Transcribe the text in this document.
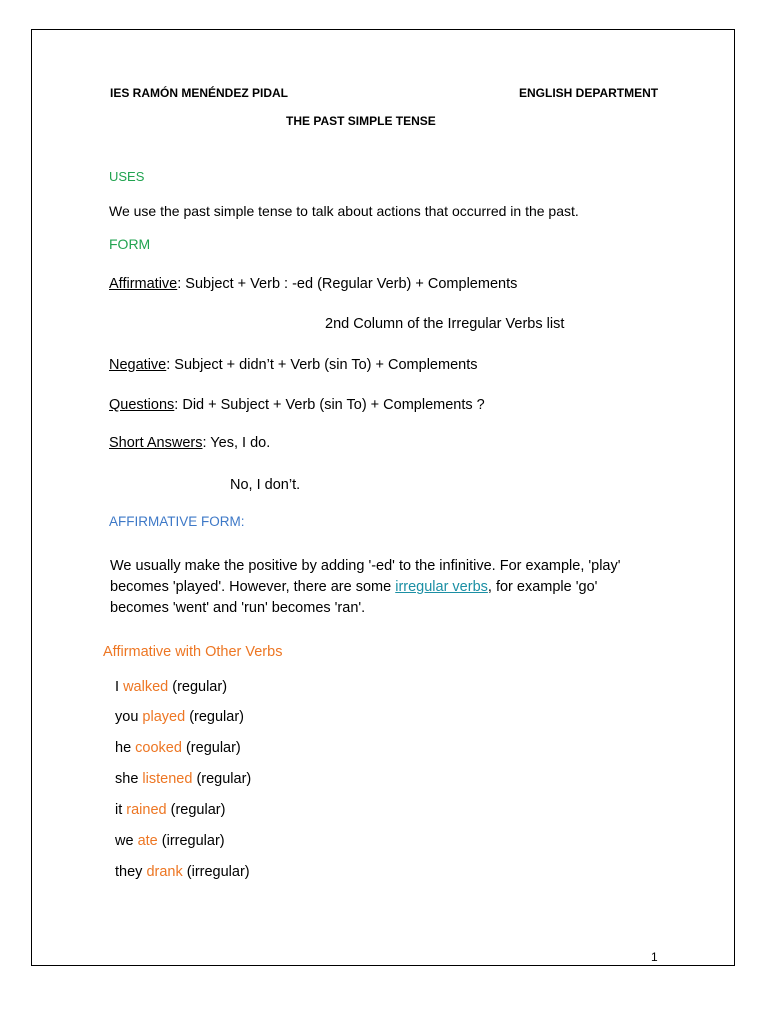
IES RAMÓN MENÉNDEZ PIDAL	ENGLISH DEPARTMENT
THE PAST SIMPLE TENSE
USES
We use the past simple tense to talk about actions that occurred in the past.
FORM
Affirmative: Subject + Verb : -ed (Regular Verb) + Complements
2nd Column of the Irregular Verbs list
Negative: Subject + didn’t + Verb (sin To) + Complements
Questions: Did + Subject + Verb (sin To) + Complements ?
Short Answers: Yes, I do.
No, I don’t.
AFFIRMATIVE FORM:
We usually make the positive by adding '-ed' to the infinitive. For example, 'play' becomes 'played'. However, there are some irregular verbs, for example 'go' becomes 'went' and 'run' becomes 'ran'.
Affirmative with Other Verbs
I walked (regular)
you played (regular)
he cooked (regular)
she listened (regular)
it rained (regular)
we ate (irregular)
they drank (irregular)
1
